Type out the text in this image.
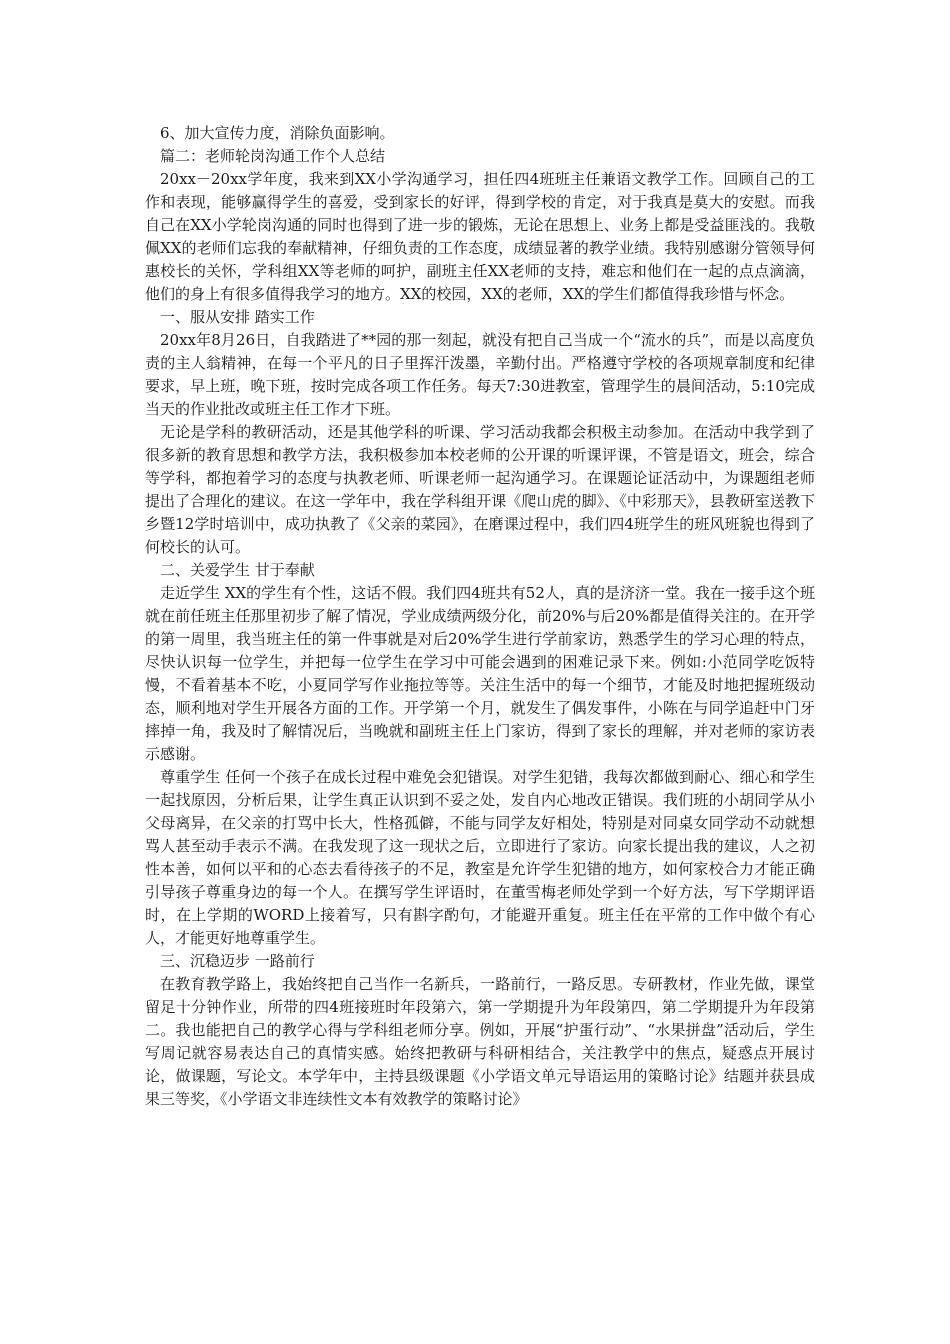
6、加大宣传力度，消除负面影响。

篇二：老师轮岗沟通工作个人总结

20xx－20xx学年度，我来到XX小学沟通学习，担任四4班班主任兼语文教学工作。回顾自己的工作和表现，能够赢得学生的喜爱，受到家长的好评，得到学校的肯定，对于我真是莫大的安慰。而我自己在XX小学轮岗沟通的同时也得到了进一步的锻炼，无论在思想上、业务上都是受益匪浅的。我敬佩XX的老师们忘我的奉献精神，仔细负责的工作态度，成绩显著的教学业绩。我特别感谢分管领导何惠校长的关怀，学科组XX等老师的呵护，副班主任XX老师的支持，难忘和他们在一起的点点滴滴，他们的身上有很多值得我学习的地方。XX的校园，XX的老师，XX的学生们都值得我珍惜与怀念。

一、服从安排 踏实工作

20xx年8月26日，自我踏进了**园的那一刻起，就没有把自己当成一个“流水的兵”，而是以高度负责的主人翁精神，在每一个平凡的日子里挥汗泼墨，辛勤付出。严格遵守学校的各项规章制度和纪律要求，早上班，晚下班，按时完成各项工作任务。每天7:30进教室，管理学生的晨间活动，5:10完成当天的作业批改或班主任工作才下班。

无论是学科的教研活动，还是其他学科的听课、学习活动我都会积极主动参加。在活动中我学到了很多新的教育思想和教学方法，我积极参加本校老师的公开课的听课评课，不管是语文，班会，综合等学科，都抱着学习的态度与执教老师、听课老师一起沟通学习。在课题论证活动中，为课题组老师提出了合理化的建议。在这一学年中，我在学科组开课《爬山虎的脚》、《中彩那天》，县教研室送教下乡暨12学时培训中，成功执教了《父亲的菜园》，在磨课过程中，我们四4班学生的班风班貌也得到了何校长的认可。

二、关爱学生 甘于奉献

走近学生 XX的学生有个性，这话不假。我们四4班共有52人，真的是济济一堂。我在一接手这个班就在前任班主任那里初步了解了情况，学业成绩两级分化，前20%与后20%都是值得关注的。在开学的第一周里，我当班主任的第一件事就是对后20%学生进行学前家访，熟悉学生的学习心理的特点，尽快认识每一位学生，并把每一位学生在学习中可能会遇到的困难记录下来。例如:小范同学吃饭特慢，不看着基本不吃，小夏同学写作业拖拉等等。关注生活中的每一个细节，才能及时地把握班级动态，顺利地对学生开展各方面的工作。开学第一个月，就发生了偶发事件，小陈在与同学追赶中门牙摔掉一角，我及时了解情况后，当晚就和副班主任上门家访，得到了家长的理解，并对老师的家访表示感谢。

尊重学生 任何一个孩子在成长过程中难免会犯错误。对学生犯错，我每次都做到耐心、细心和学生一起找原因，分析后果，让学生真正认识到不妥之处，发自内心地改正错误。我们班的小胡同学从小父母离异，在父亲的打骂中长大，性格孤僻，不能与同学友好相处，特别是对同桌女同学动不动就想骂人甚至动手表示不满。在我发现了这一现状之后，立即进行了家访。向家长提出我的建议，人之初性本善，如何以平和的心态去看待孩子的不足，教室是允许学生犯错的地方，如何家校合力才能正确引导孩子尊重身边的每一个人。在撰写学生评语时，在董雪梅老师处学到一个好方法，写下学期评语时，在上学期的WORD上接着写，只有斟字酌句，才能避开重复。班主任在平常的工作中做个有心人，才能更好地尊重学生。

三、沉稳迈步 一路前行

在教育教学路上，我始终把自己当作一名新兵，一路前行，一路反思。专研教材，作业先做，课堂留足十分钟作业，所带的四4班接班时年段第六，第一学期提升为年段第四，第二学期提升为年段第二。我也能把自己的教学心得与学科组老师分享。例如，开展“护蛋行动”、“水果拼盘”活动后，学生写周记就容易表达自己的真情实感。始终把教研与科研相结合，关注教学中的焦点，疑惑点开展讨论，做课题，写论文。本学年中，主持县级课题《小学语文单元导语运用的策略讨论》结题并获县成果三等奖，《小学语文非连续性文本有效教学的策略讨论》
